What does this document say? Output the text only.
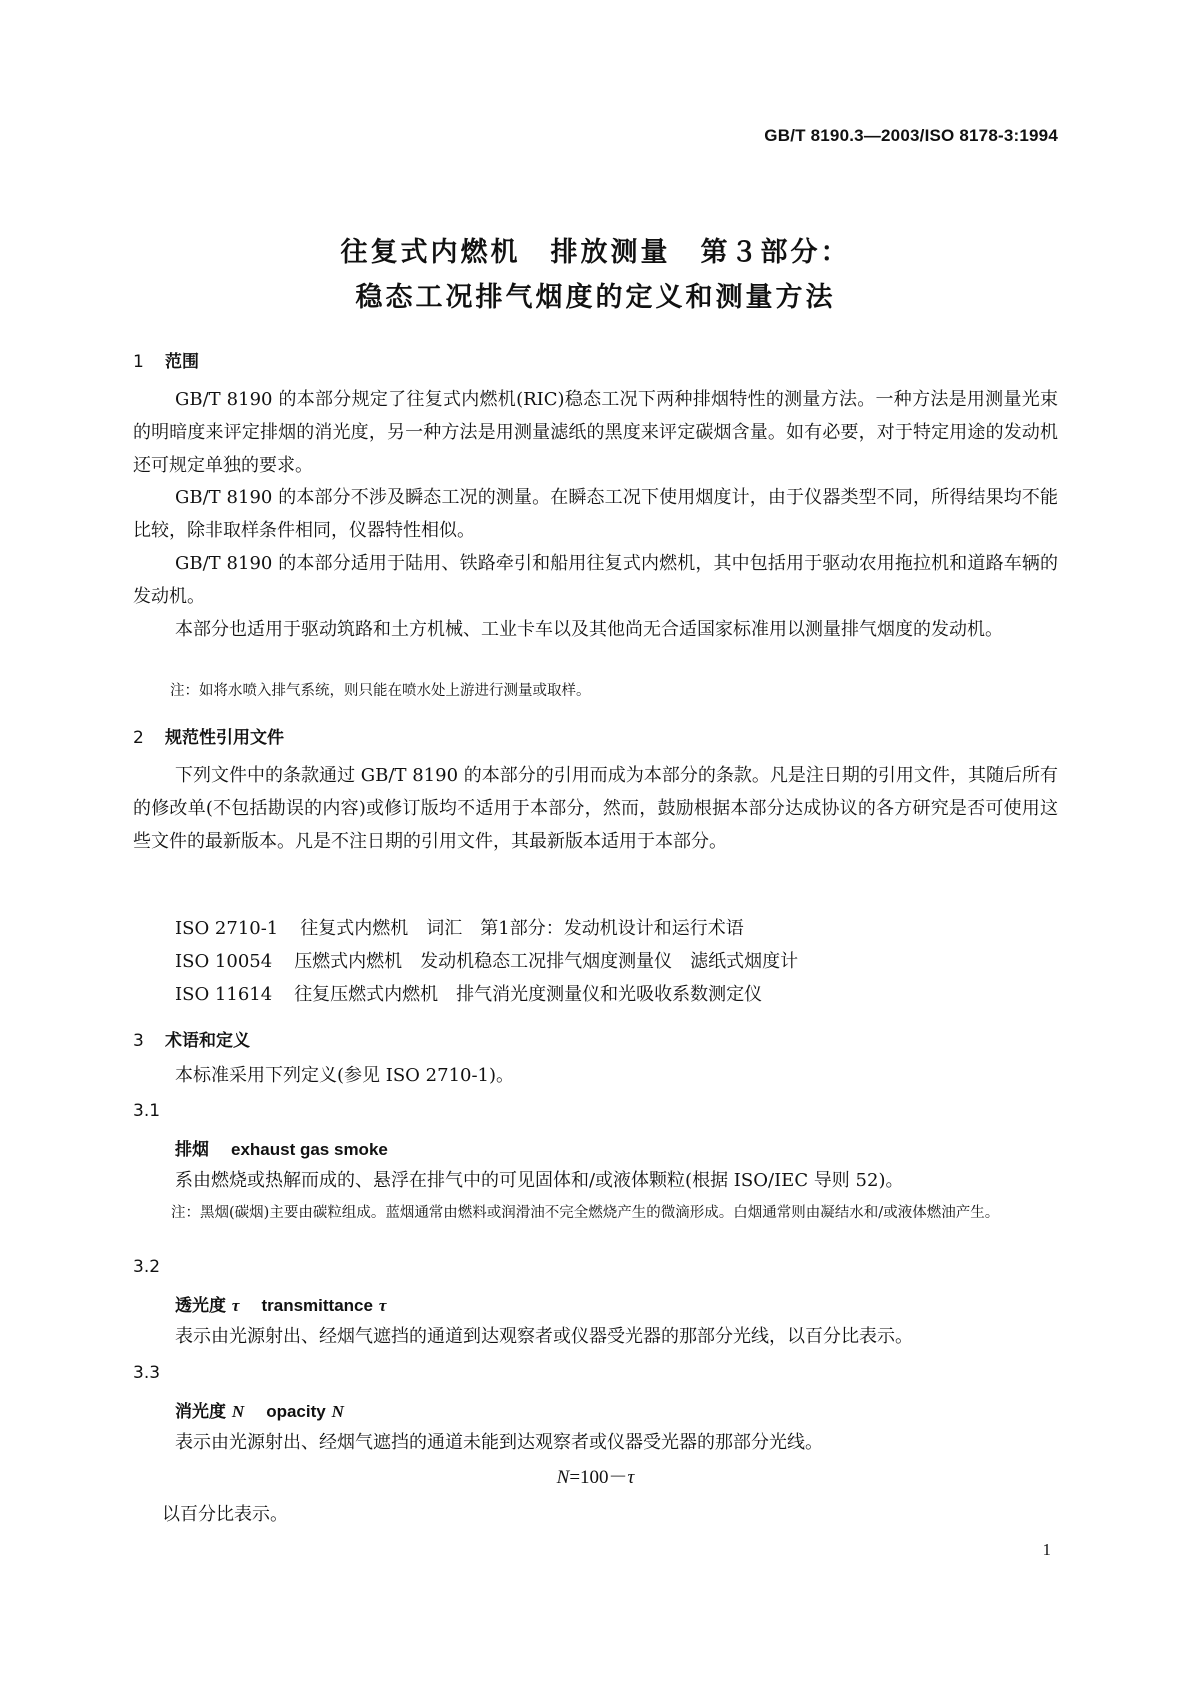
GB/T 8190.3—2003/ISO 8178-3:1994
往复式内燃机　排放测量　第３部分：
稳态工况排气烟度的定义和测量方法
1 范围
GB/T 8190 的本部分规定了往复式内燃机(RIC)稳态工况下两种排烟特性的测量方法。一种方法是用测量光束的明暗度来评定排烟的消光度，另一种方法是用测量滤纸的黑度来评定碳烟含量。如有必要，对于特定用途的发动机还可规定单独的要求。
GB/T 8190 的本部分不涉及瞬态工况的测量。在瞬态工况下使用烟度计，由于仪器类型不同，所得结果均不能比较，除非取样条件相同，仪器特性相似。
GB/T 8190 的本部分适用于陆用、铁路牵引和船用往复式内燃机，其中包括用于驱动农用拖拉机和道路车辆的发动机。
本部分也适用于驱动筑路和土方机械、工业卡车以及其他尚无合适国家标准用以测量排气烟度的发动机。
注：如将水喷入排气系统，则只能在喷水处上游进行测量或取样。
2 规范性引用文件
下列文件中的条款通过 GB/T 8190 的本部分的引用而成为本部分的条款。凡是注日期的引用文件，其随后所有的修改单(不包括勘误的内容)或修订版均不适用于本部分，然而，鼓励根据本部分达成协议的各方研究是否可使用这些文件的最新版本。凡是不注日期的引用文件，其最新版本适用于本部分。
ISO 2710-1 往复式内燃机　词汇　第1部分：发动机设计和运行术语
ISO 10054 压燃式内燃机　发动机稳态工况排气烟度测量仪　滤纸式烟度计
ISO 11614 往复压燃式内燃机　排气消光度测量仪和光吸收系数测定仪
3 术语和定义
本标准采用下列定义(参见 ISO 2710-1)。
3.1
排烟 exhaust gas smoke
系由燃烧或热解而成的、悬浮在排气中的可见固体和/或液体颗粒(根据 ISO/IEC 导则 52)。
注：黑烟(碳烟)主要由碳粒组成。蓝烟通常由燃料或润滑油不完全燃烧产生的微滴形成。白烟通常则由凝结水和/或液体燃油产生。
3.2
透光度 τ transmittance τ
表示由光源射出、经烟气遮挡的通道到达观察者或仪器受光器的那部分光线，以百分比表示。
3.3
消光度 N opacity N
表示由光源射出、经烟气遮挡的通道未能到达观察者或仪器受光器的那部分光线。
N=100－τ
以百分比表示。
1
